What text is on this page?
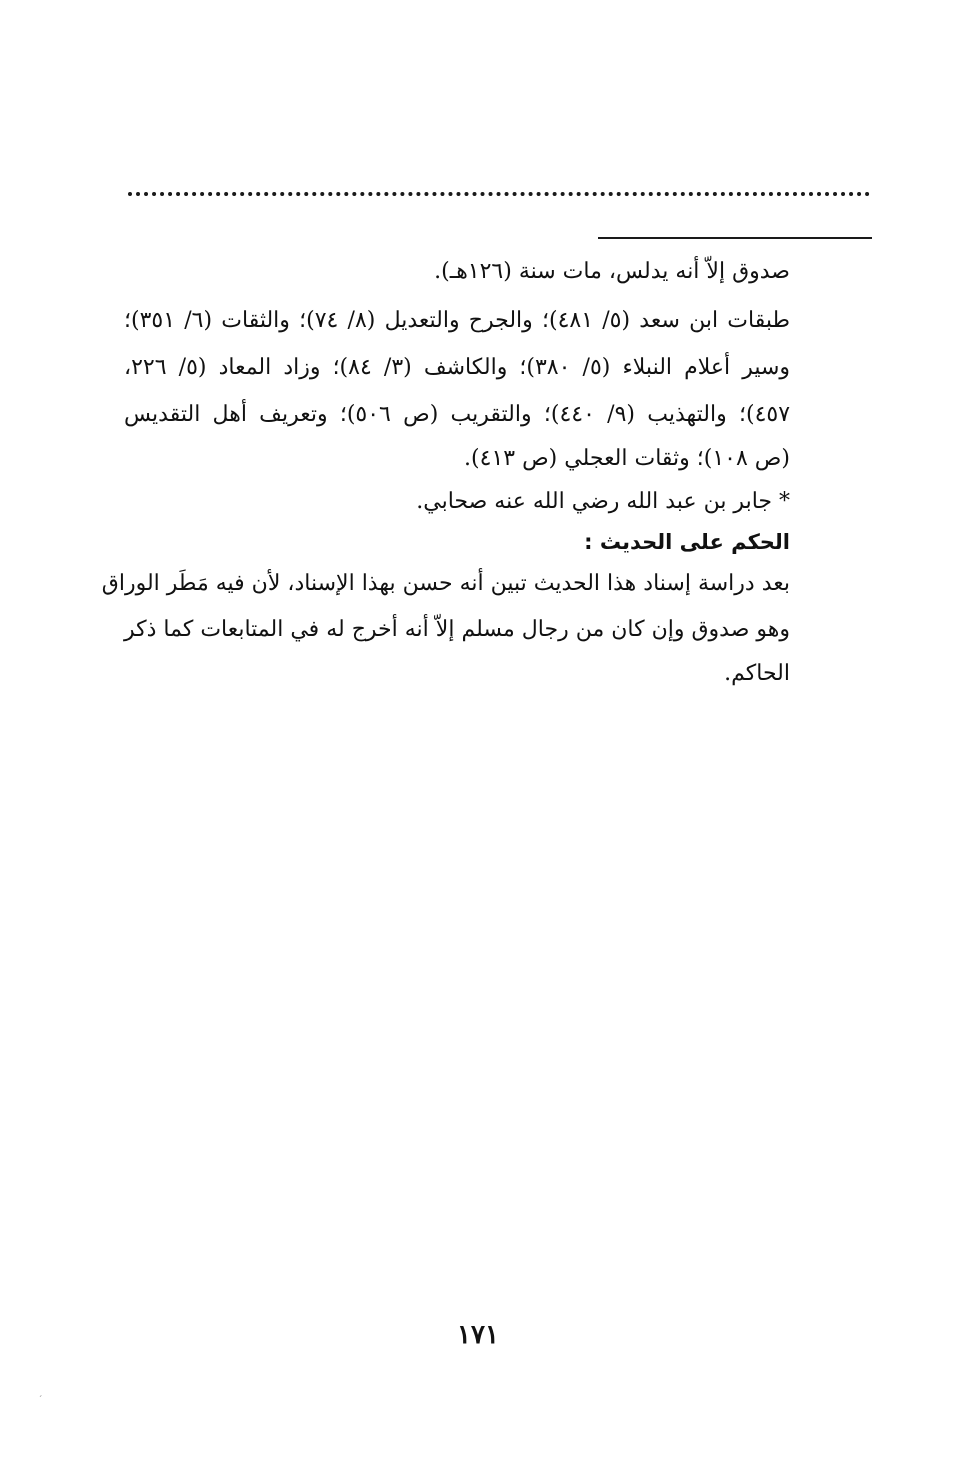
صدوق إلاّ أنه يدلس، مات سنة (١٢٦هـ).
طبقات ابن سعد (٥/ ٤٨١)؛ والجرح والتعديل (٨/ ٧٤)؛ والثقات (٦/ ٣٥١)؛
وسير أعلام النبلاء (٥/ ٣٨٠)؛ والكاشف (٣/ ٨٤)؛ وزاد المعاد (٥/ ٢٢٦،
٤٥٧)؛ والتهذيب (٩/ ٤٤٠)؛ والتقريب (ص ٥٠٦)؛ وتعريف أهل التقديس
(ص ١٠٨)؛ وثقات العجلي (ص ٤١٣).
* جابر بن عبد الله رضي الله عنه صحابي.
الحكم على الحديث :
بعد دراسة إسناد هذا الحديث تبين أنه حسن بهذا الإسناد، لأن فيه مَطَر الوراق
وهو صدوق وإن كان من رجال مسلم إلاّ أنه أخرج له في المتابعات كما ذكر
الحاكم.
١٧١
ˏ
